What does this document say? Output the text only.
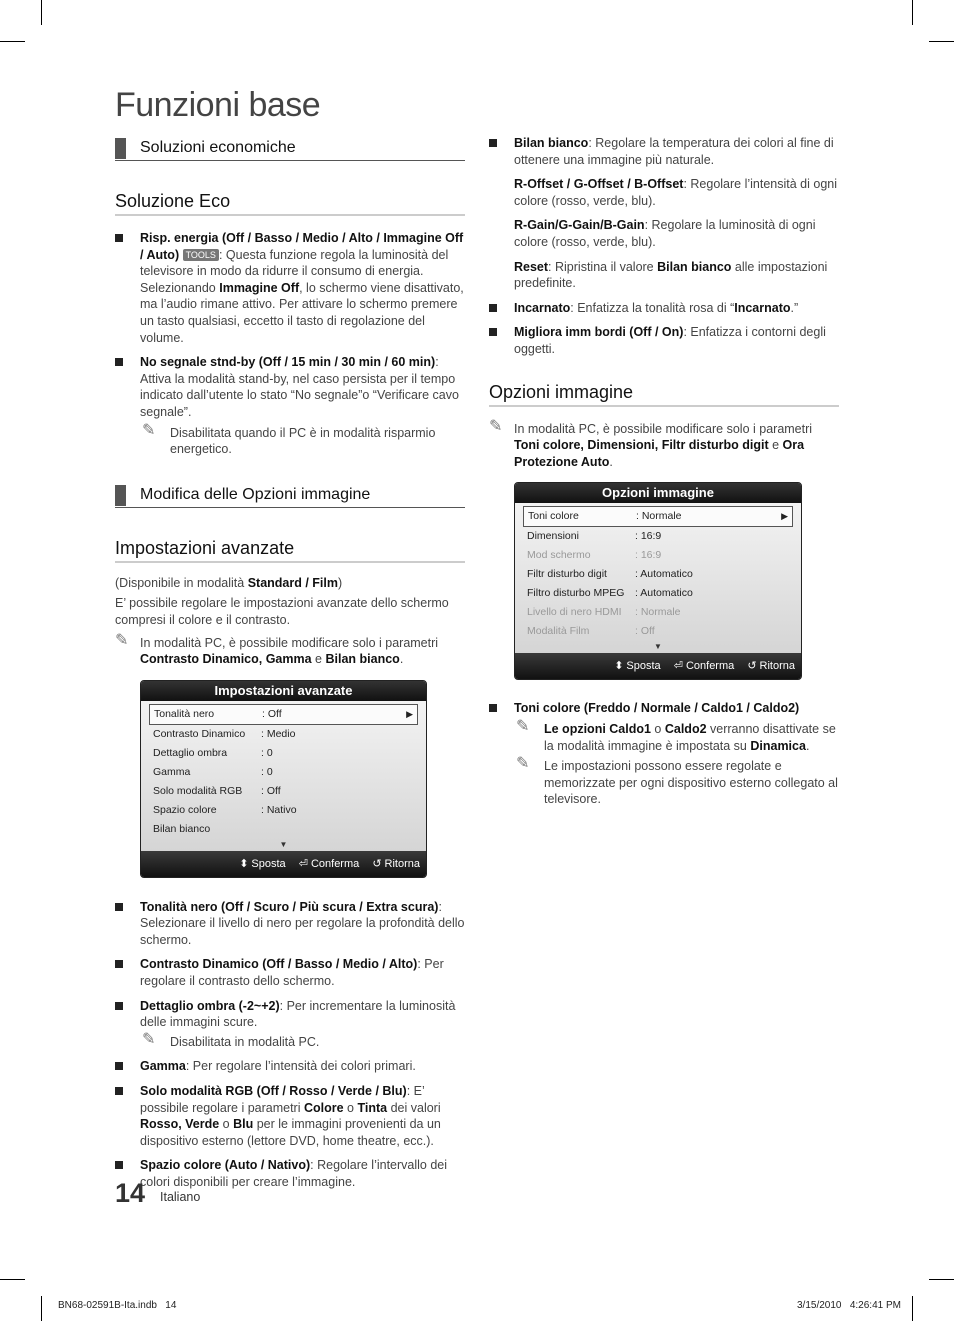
Funzioni base
Soluzioni economiche
Soluzione Eco
Risp. energia (Off / Basso / Medio / Alto / Immagine Off / Auto) TOOLS : Questa funzione regola la luminosità del televisore in modo da ridurre il consumo di energia. Selezionando Immagine Off, lo schermo viene disattivato, ma l’audio rimane attivo. Per attivare lo schermo premere un tasto qualsiasi, eccetto il tasto di regolazione del volume.
No segnale stnd-by (Off / 15 min / 30 min / 60 min): Attiva la modalità stand-by, nel caso persista per il tempo indicato dall’utente lo stato “No segnale”o “Verificare cavo segnale”.
✎ Disabilitata quando il PC è in modalità risparmio energetico.
Modifica delle Opzioni immagine
Impostazioni avanzate
(Disponibile in modalità Standard / Film)
E’ possibile regolare le impostazioni avanzate dello schermo compresi il colore e il contrasto.
✎ In modalità PC, è possibile modificare solo i parametri Contrasto Dinamico, Gamma e Bilan bianco.
Impostazioni avanzate
Tonalità nero	: Off	▶
Contrasto Dinamico : Medio
Dettaglio ombra	: 0
Gamma	: 0
Solo modalità RGB : Off
Spazio colore	: Nativo
Bilan bianco
▼
⬍ Sposta ⏎ Conferma ↺ Ritorna
Tonalità nero (Off / Scuro / Più scura / Extra scura): Selezionare il livello di nero per regolare la profondità dello schermo.
Contrasto Dinamico (Off / Basso / Medio / Alto): Per regolare il contrasto dello schermo.
Dettaglio ombra (-2~+2): Per incrementare la luminosità delle immagini scure.
✎ Disabilitata in modalità PC.
Gamma: Per regolare l’intensità dei colori primari.
Solo modalità RGB (Off / Rosso / Verde / Blu): E’ possibile regolare i parametri Colore o Tinta dei valori Rosso, Verde o Blu per le immagini provenienti da un dispositivo esterno (lettore DVD, home theatre, ecc.).
Spazio colore (Auto / Nativo): Regolare l’intervallo dei colori disponibili per creare l’immagine.
Bilan bianco: Regolare la temperatura dei colori al fine di ottenere una immagine più naturale.
R-Offset / G-Offset / B-Offset: Regolare l’intensità di ogni colore (rosso, verde, blu).
R-Gain/G-Gain/B-Gain: Regolare la luminosità di ogni colore (rosso, verde, blu).
Reset: Ripristina il valore Bilan bianco alle impostazioni predefinite.
Incarnato: Enfatizza la tonalità rosa di “Incarnato.”
Migliora imm bordi (Off / On): Enfatizza i contorni degli oggetti.
Opzioni immagine
✎ In modalità PC, è possibile modificare solo i parametri Toni colore, Dimensioni, Filtr disturbo digit e Ora Protezione Auto.
Opzioni immagine
Toni colore	: Normale	▶
Dimensioni	: 16:9
Mod schermo	: 16:9
Filtr disturbo digit	: Automatico
Filtro disturbo MPEG : Automatico
Livello di nero HDMI : Normale
Modalità Film	: Off
▼
⬍ Sposta ⏎ Conferma ↺ Ritorna
Toni colore (Freddo / Normale / Caldo1 / Caldo2)
✎ Le opzioni Caldo1 o Caldo2 verranno disattivate se la modalità immagine è impostata su Dinamica.
✎ Le impostazioni possono essere regolate e memorizzate per ogni dispositivo esterno collegato al televisore.
14 Italiano
BN68-02591B-Ita.indb   14	3/15/2010   4:26:41 PM
